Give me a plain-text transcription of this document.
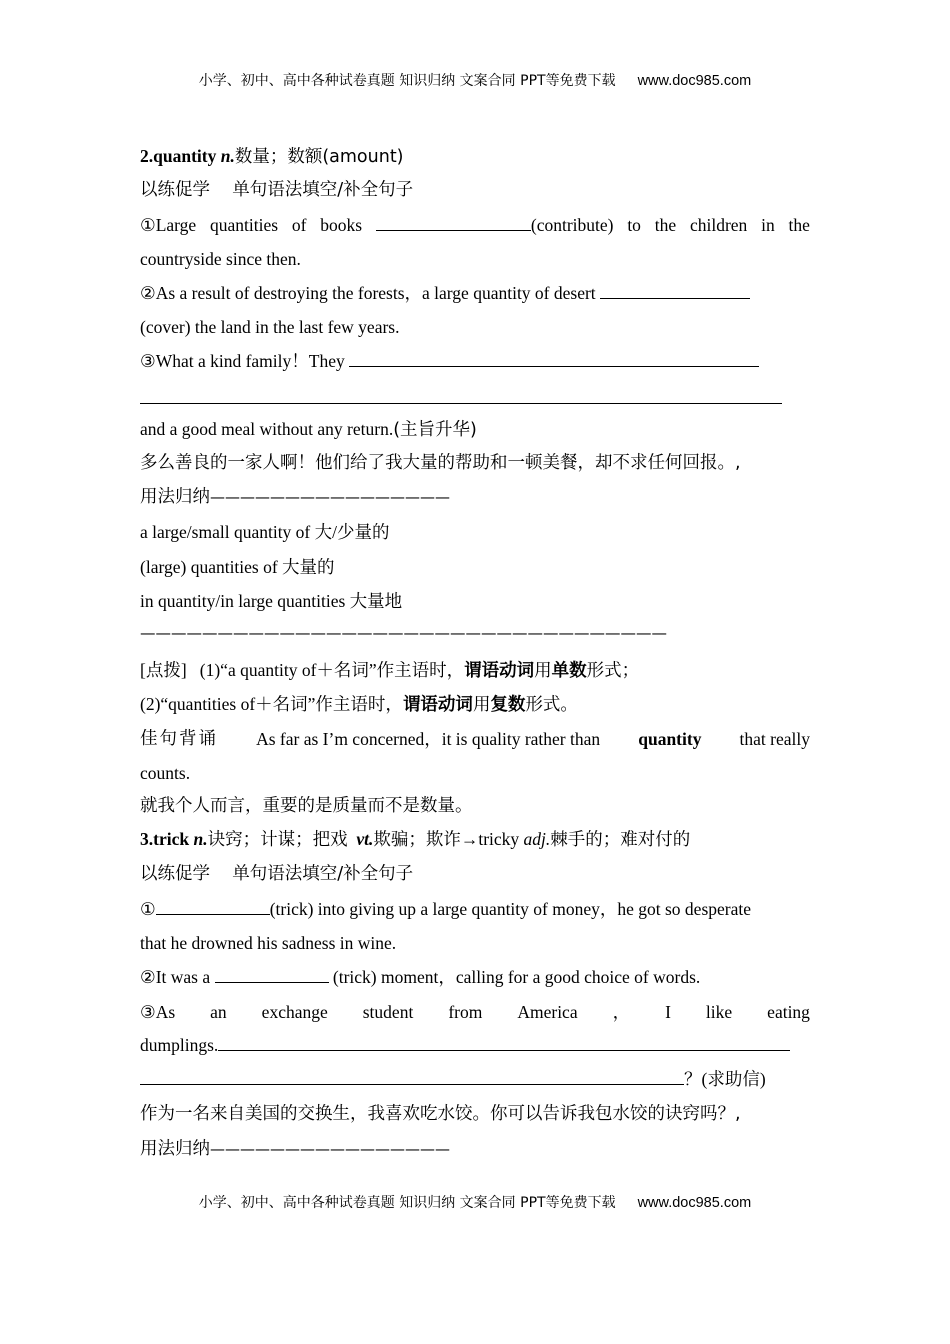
小学、初中、高中各种试卷真题 知识归纳 文案合同 PPT等免费下载 www.doc985.com
2.quantity n.数量；数额(amount)
以练促学 单句语法填空/补全句子
①Large quantities of books	(contribute) to the children in the
countryside since then.
②As a result of destroying the forests，a large quantity of desert
(cover) the land in the last few years.
③What a kind family！They
and a good meal without any return.(主旨升华)
多么善良的一家人啊！他们给了我大量的帮助和一顿美餐，却不求任何回报。,
用法归纳————————————————
a large/small quantity of 大/少量的
(large) quantities of 大量的
in quantity/in large quantities 大量地
——————————————————————————————————
[点拨] (1)“a quantity of＋名词”作主语时，谓语动词用单数形式；
(2)“quantities of＋名词”作主语时，谓语动词用复数形式。
佳句背诵 As far as I’m concerned，it is quality rather than quantity that really
counts.
就我个人而言，重要的是质量而不是数量。
3.trick n.诀窍；计谋；把戏 vt.欺骗；欺诈→tricky adj.棘手的；难对付的
以练促学 单句语法填空/补全句子
①	(trick) into giving up a large quantity of money，he got so desperate
that he drowned his sadness in wine.
②It was a	(trick) moment，calling for a good choice of words.
③As an exchange student from America ， I like eating
dumplings.
？(求助信)
作为一名来自美国的交换生，我喜欢吃水饺。你可以告诉我包水饺的诀窍吗？,
用法归纳————————————————
小学、初中、高中各种试卷真题 知识归纳 文案合同 PPT等免费下载 www.doc985.com
